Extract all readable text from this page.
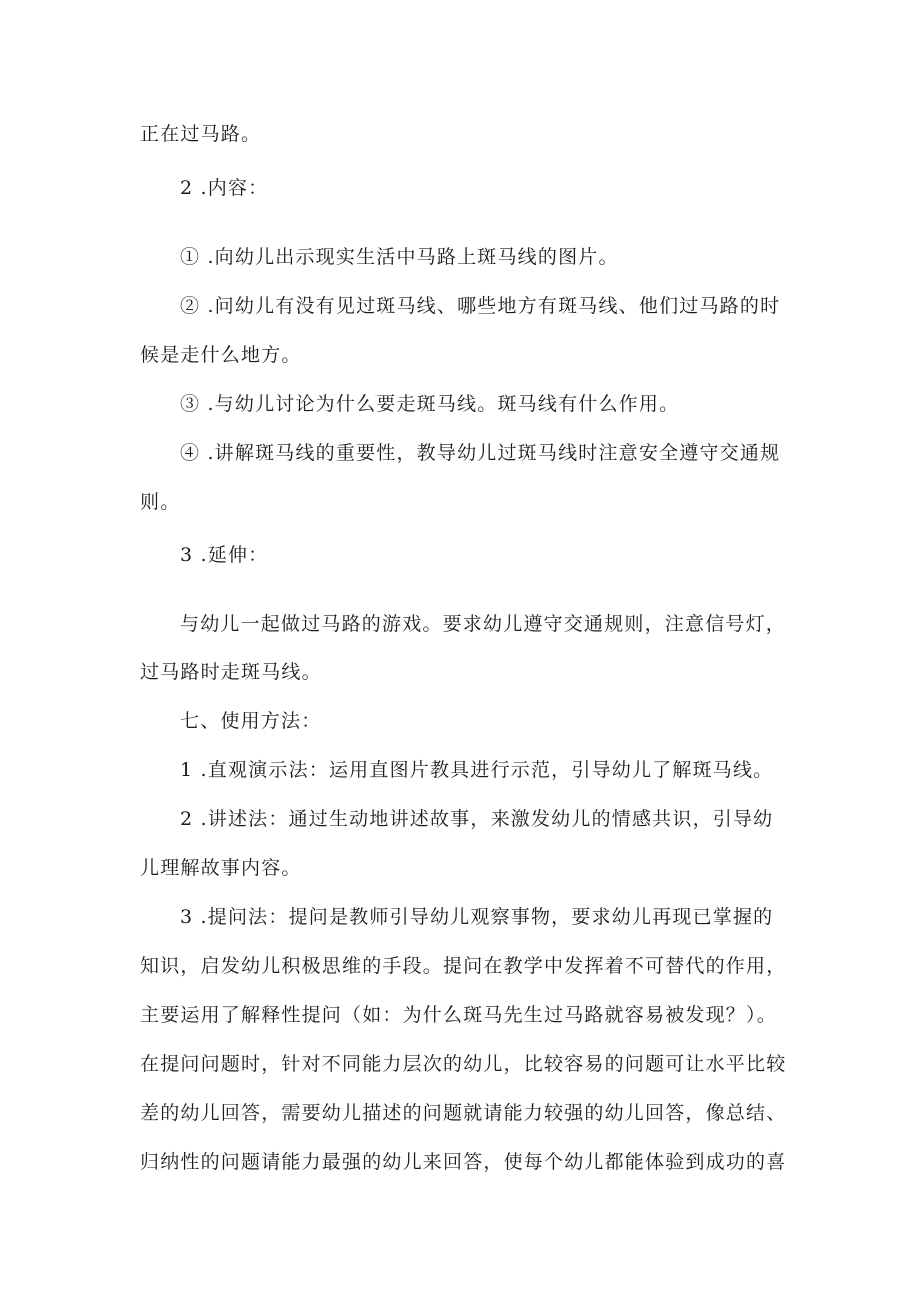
正在过马路。
2 .内容：
① .向幼儿出示现实生活中马路上斑马线的图片。
② .问幼儿有没有见过斑马线、哪些地方有斑马线、他们过马路的时
候是走什么地方。
③ .与幼儿讨论为什么要走斑马线。斑马线有什么作用。
④ .讲解斑马线的重要性，教导幼儿过斑马线时注意安全遵守交通规
则。
3 .延伸：
与幼儿一起做过马路的游戏。要求幼儿遵守交通规则，注意信号灯，
过马路时走斑马线。
七、使用方法：
1 .直观演示法：运用直图片教具进行示范，引导幼儿了解斑马线。
2 .讲述法：通过生动地讲述故事，来激发幼儿的情感共识，引导幼
儿理解故事内容。
3 .提问法：提问是教师引导幼儿观察事物，要求幼儿再现已掌握的
知识，启发幼儿积极思维的手段。提问在教学中发挥着不可替代的作用，
主要运用了解释性提问（如：为什么斑马先生过马路就容易被发现？）。
在提问问题时，针对不同能力层次的幼儿，比较容易的问题可让水平比较
差的幼儿回答，需要幼儿描述的问题就请能力较强的幼儿回答，像总结、
归纳性的问题请能力最强的幼儿来回答，使每个幼儿都能体验到成功的喜
